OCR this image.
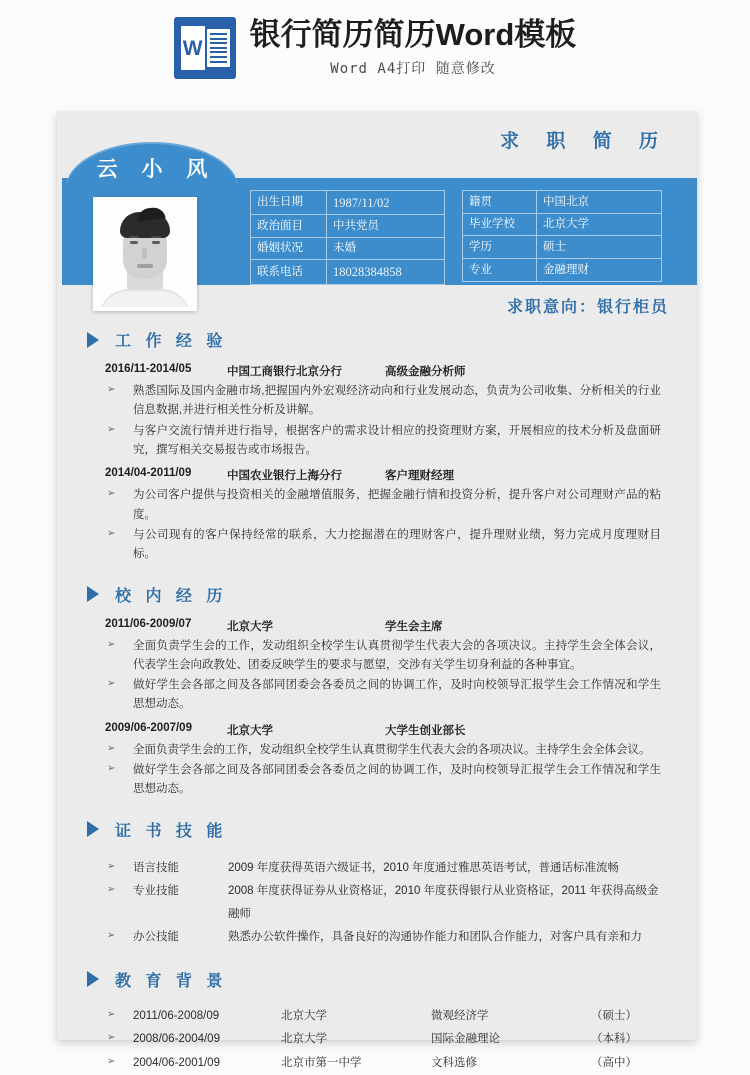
W 银行简历简历Word模板
Word A4打印 随意修改
求 职 简 历
云 小 风
出生日期	1987/11/02
政治面目	中共党员
婚姻状况	未婚
联系电话	18028384858
籍贯	中国北京
毕业学校	北京大学
学历	硕士
专业	金融理财
求职意向：银行柜员
工 作 经 验
2016/11-2014/05	中国工商银行北京分行	高级金融分析师
➢ 熟悉国际及国内金融市场,把握国内外宏观经济动向和行业发展动态，负责为公司收集、分析相关的行业信息数据,并进行相关性分析及讲解。
➢ 与客户交流行情并进行指导，根据客户的需求设计相应的投资理财方案，开展相应的技术分析及盘面研究，撰写相关交易报告或市场报告。
2014/04-2011/09	中国农业银行上海分行	客户理财经理
➢ 为公司客户提供与投资相关的金融增值服务，把握金融行情和投资分析，提升客户对公司理财产品的粘度。
➢ 与公司现有的客户保持经常的联系，大力挖掘潜在的理财客户，提升理财业绩，努力完成月度理财目标。
校 内 经 历
2011/06-2009/07	北京大学	学生会主席
➢ 全面负责学生会的工作，发动组织全校学生认真贯彻学生代表大会的各项决议。主持学生会全体会议，代表学生会向政教处、团委反映学生的要求与愿望，交涉有关学生切身利益的各种事宜。
➢ 做好学生会各部之间及各部同团委会各委员之间的协调工作，及时向校领导汇报学生会工作情况和学生思想动态。
2009/06-2007/09	北京大学	大学生创业部长
➢ 全面负责学生会的工作，发动组织全校学生认真贯彻学生代表大会的各项决议。主持学生会全体会议。
➢ 做好学生会各部之间及各部同团委会各委员之间的协调工作，及时向校领导汇报学生会工作情况和学生思想动态。
证 书 技 能
➢ 语言技能	2009 年度获得英语六级证书，2010 年度通过雅思英语考试，普通话标准流畅
➢ 专业技能	2008 年度获得证券从业资格证，2010 年度获得银行从业资格证，2011 年获得高级金融师
➢ 办公技能	熟悉办公软件操作，具备良好的沟通协作能力和团队合作能力，对客户具有亲和力
教 育 背 景
➢ 2011/06-2008/09	北京大学	微观经济学	（硕士）
➢ 2008/06-2004/09	北京大学	国际金融理论	（本科）
➢ 2004/06-2001/09	北京市第一中学	文科选修	（高中）
